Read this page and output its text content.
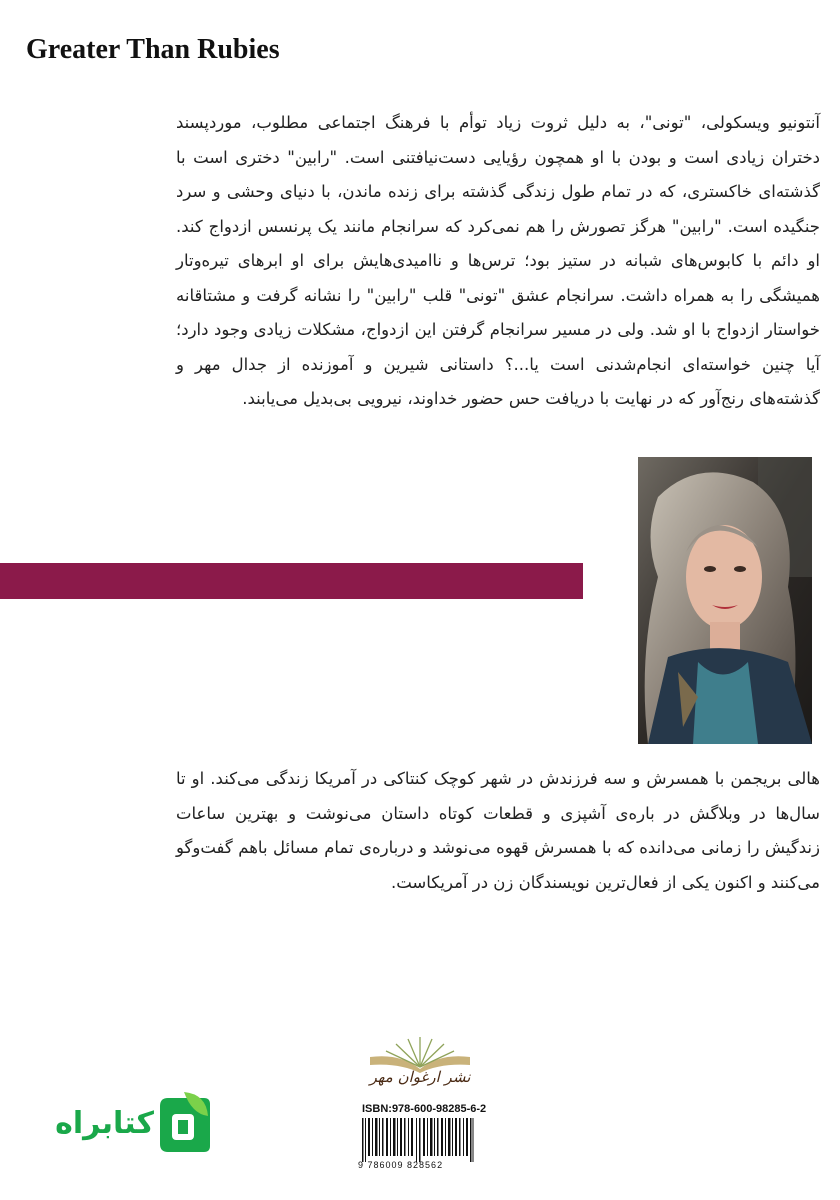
Greater Than Rubies

آنتونیو ویسکولی، "تونی"، به دلیل ثروت زیاد توأم با فرهنگ اجتماعی مطلوب، موردپسند دختران زیادی است و بودن با او همچون رؤیایی دست‌نیافتنی است. "رابین" دختری است با گذشته‌ای خاکستری، که در تمام طول زندگی گذشته برای زنده ماندن، با دنیای وحشی و سرد جنگیده است. "رابین" هرگز تصورش را هم نمی‌کرد که سرانجام مانند یک پرنسس ازدواج کند. او دائم با کابوس‌های شبانه در ستیز بود؛ ترس‌ها و ناامیدی‌هایش برای او ابرهای تیره‌وتار همیشگی را به همراه داشت. سرانجام عشق "تونی" قلب "رابین" را نشانه گرفت و مشتاقانه خواستار ازدواج با او شد. ولی در مسیر سرانجام گرفتن این ازدواج، مشکلات زیادی وجود دارد؛ آیا چنین خواسته‌ای انجام‌شدنی است یا...؟ داستانی شیرین و آموزنده از جدال مهر و گذشته‌های رنج‌آور که در نهایت با دریافت حس حضور خداوند، نیرویی بی‌بدیل می‌یابند.

هالی بریجمن با همسرش و سه فرزندش در شهر کوچک کنتاکی در آمریکا زندگی می‌کند. او تا سال‌ها در وبلاگش در باره‌ی آشپزی و قطعات کوتاه داستان می‌نوشت و بهترین ساعات زندگیش را زمانی می‌دانده که با همسرش قهوه می‌نوشد و درباره‌ی تمام مسائل باهم گفت‌وگو می‌کنند و اکنون یکی از فعال‌ترین نویسندگان زن در آمریکاست.

نشر ارغوان مهر
ISBN:978-600-98285-6-2
9 786009 828562
کتابراه
